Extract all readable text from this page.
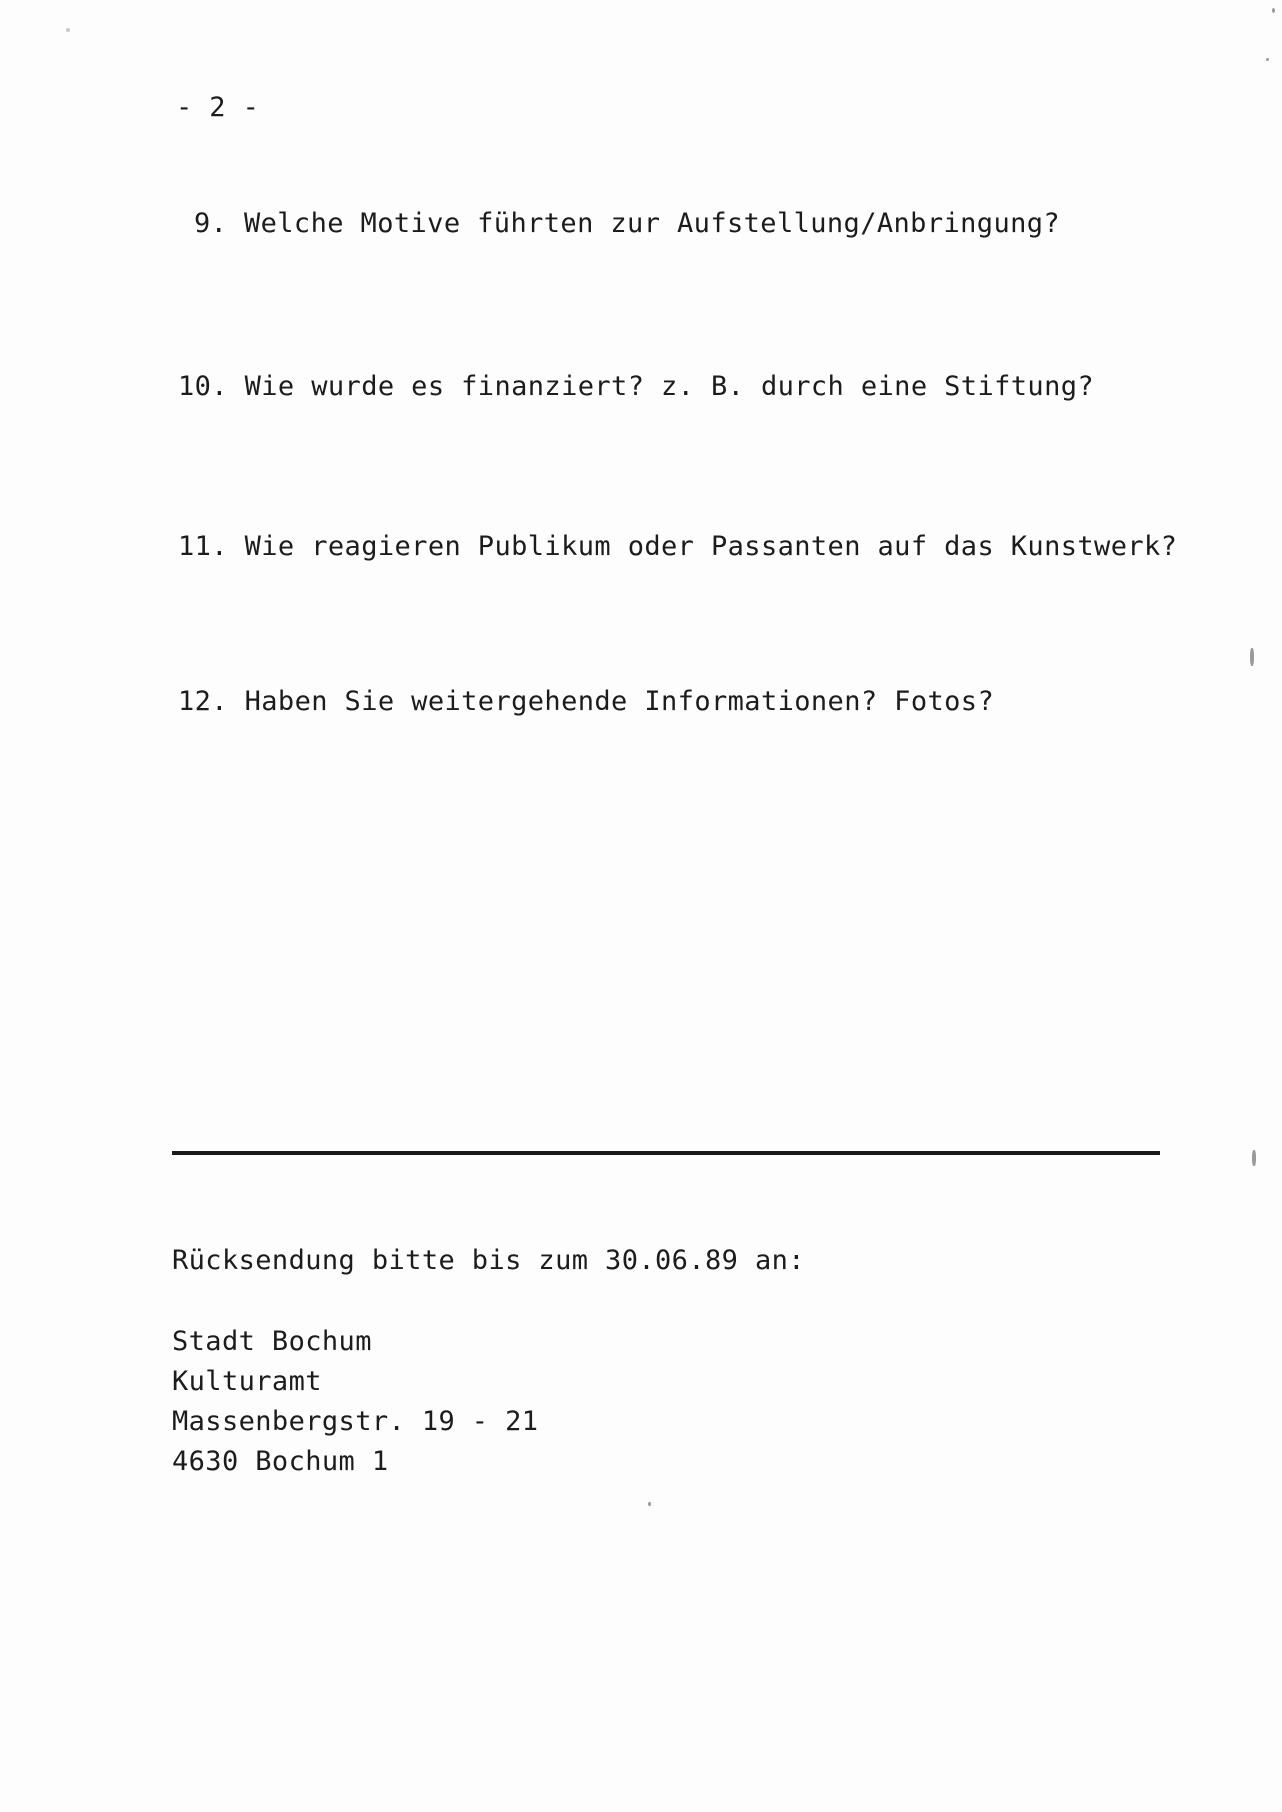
- 2 -
9. Welche Motive führten zur Aufstellung/Anbringung?
10. Wie wurde es finanziert? z. B. durch eine Stiftung?
11. Wie reagieren Publikum oder Passanten auf das Kunstwerk?
12. Haben Sie weitergehende Informationen? Fotos?
Rücksendung bitte bis zum 30.06.89 an:
Stadt Bochum
Kulturamt
Massenbergstr. 19 - 21
4630 Bochum 1
